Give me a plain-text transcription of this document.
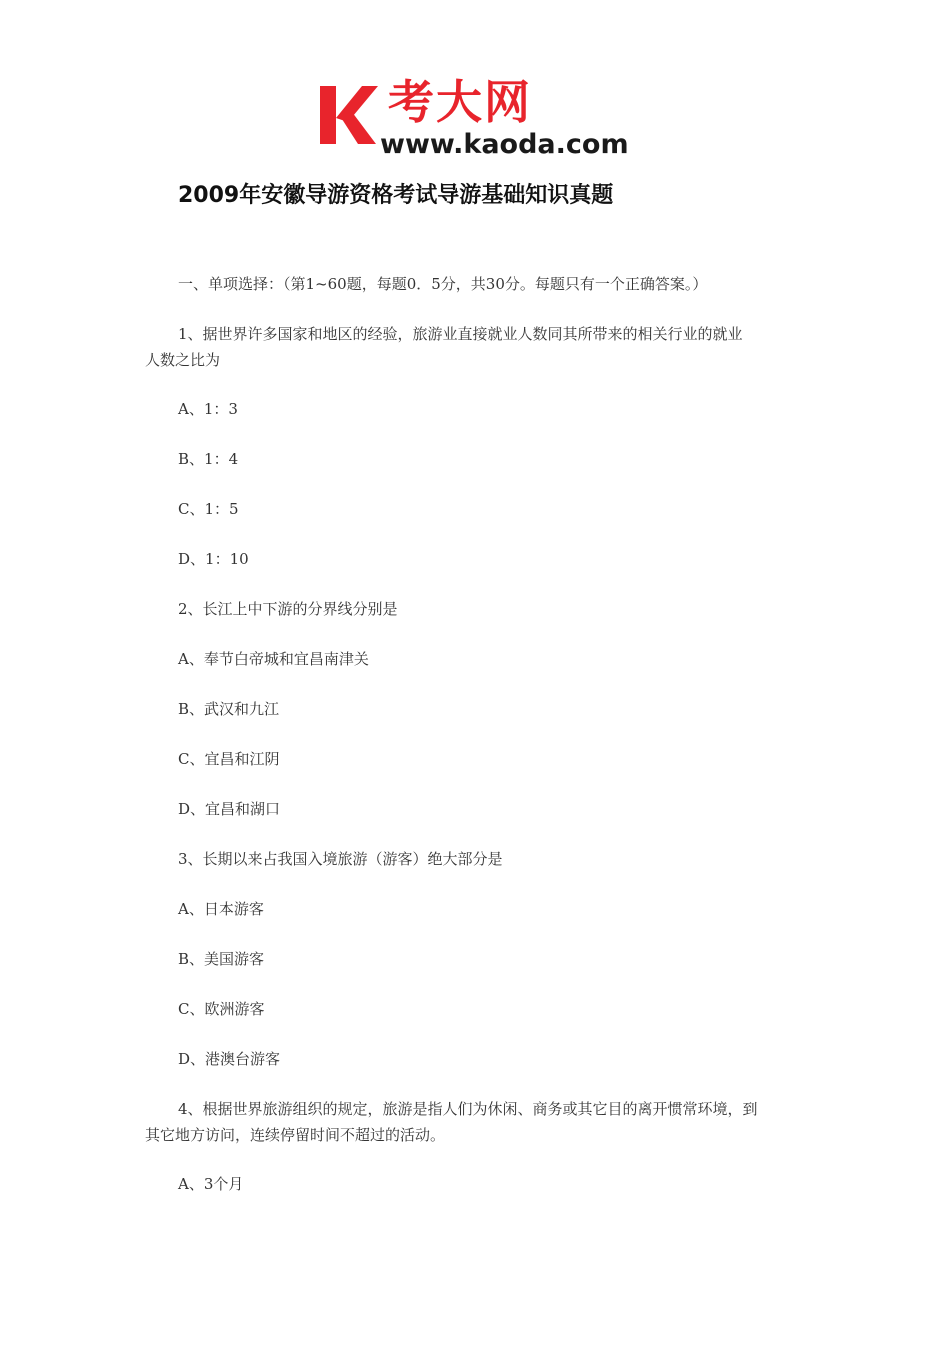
考大网
www.kaoda.com
2009年安徽导游资格考试导游基础知识真题
一、单项选择：（第1~60题，每题0．5分，共30分。每题只有一个正确答案。）
1、据世界许多国家和地区的经验，旅游业直接就业人数同其所带来的相关行业的就业
人数之比为
A、1：3
B、1：4
C、1：5
D、1：10
2、长江上中下游的分界线分别是
A、奉节白帝城和宜昌南津关
B、武汉和九江
C、宜昌和江阴
D、宜昌和湖口
3、长期以来占我国入境旅游（游客）绝大部分是
A、日本游客
B、美国游客
C、欧洲游客
D、港澳台游客
4、根据世界旅游组织的规定，旅游是指人们为休闲、商务或其它目的离开惯常环境，到
其它地方访问，连续停留时间不超过的活动。
A、3个月
